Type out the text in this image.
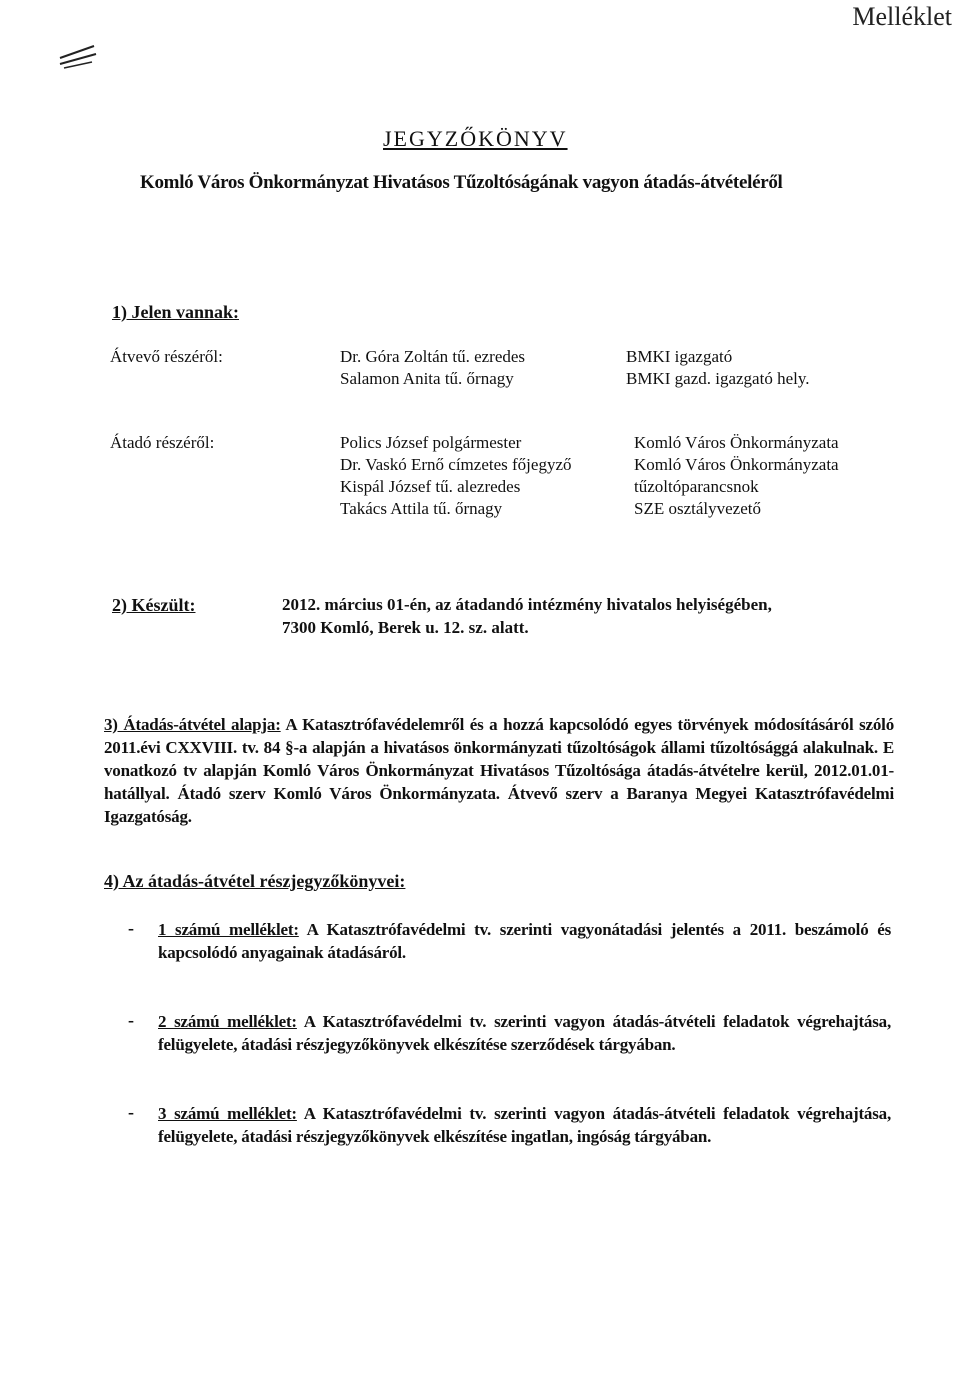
Melléklet
JEGYZŐKÖNYV
Komló Város Önkormányzat Hivatásos Tűzoltóságának vagyon átadás-átvételéről
1) Jelen vannak:
Átvevő részéről:	Dr. Góra Zoltán tű. ezredes	BMKI igazgató
Salamon Anita tű. őrnagy	BMKI gazd. igazgató hely.
Átadó részéről:	Polics József polgármester	Komló Város Önkormányzata
Dr. Vaskó Ernő címzetes főjegyző	Komló Város Önkormányzata
Kispál József tű. alezredes	tűzoltóparancsnok
Takács Attila tű. őrnagy	SZE osztályvezető
2) Készült:	2012. március 01-én, az átadandó intézmény hivatalos helyiségében,
7300 Komló, Berek u. 12. sz. alatt.
3) Átadás-átvétel alapja: A Katasztrófavédelemről és a hozzá kapcsolódó egyes törvények módosításáról szóló 2011.évi CXXVIII. tv. 84 §-a alapján a hivatásos önkormányzati tűzoltóságok állami tűzoltósággá alakulnak. E vonatkozó tv alapján Komló Város Önkormányzat Hivatásos Tűzoltósága átadás-átvételre kerül, 2012.01.01-hatállyal. Átadó szerv Komló Város Önkormányzata. Átvevő szerv a Baranya Megyei Katasztrófavédelmi Igazgatóság.
4) Az átadás-átvétel részjegyzőkönyvei:
- 1 számú melléklet: A Katasztrófavédelmi tv. szerinti vagyonátadási jelentés a 2011. beszámoló és kapcsolódó anyagainak átadásáról.
- 2 számú melléklet: A Katasztrófavédelmi tv. szerinti vagyon átadás-átvételi feladatok végrehajtása, felügyelete, átadási részjegyzőkönyvek elkészítése szerződések tárgyában.
- 3 számú melléklet: A Katasztrófavédelmi tv. szerinti vagyon átadás-átvételi feladatok végrehajtása, felügyelete, átadási részjegyzőkönyvek elkészítése ingatlan, ingóság tárgyában.
